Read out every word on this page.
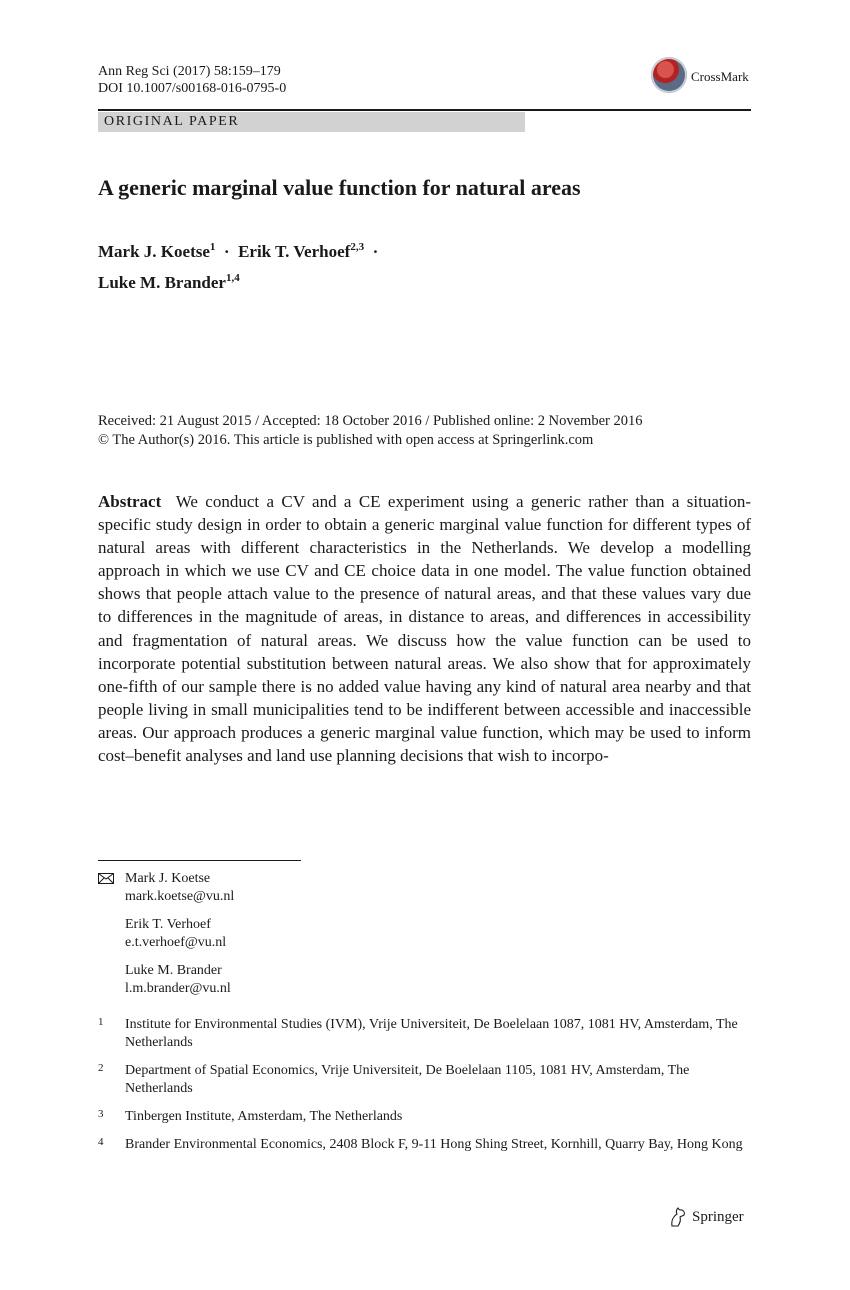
Ann Reg Sci (2017) 58:159–179
DOI 10.1007/s00168-016-0795-0
CrossMark
ORIGINAL PAPER
A generic marginal value function for natural areas
Mark J. Koetse$^1$  ·  Erik T. Verhoef$^{2,3}$  ·
Luke M. Brander$^{1,4}$
Received: 21 August 2015 / Accepted: 18 October 2016 / Published online: 2 November 2016
© The Author(s) 2016. This article is published with open access at Springerlink.com
Abstract We conduct a CV and a CE experiment using a generic rather than a situation-specific study design in order to obtain a generic marginal value function for different types of natural areas with different characteristics in the Netherlands. We develop a modelling approach in which we use CV and CE choice data in one model. The value function obtained shows that people attach value to the presence of natural areas, and that these values vary due to differences in the magnitude of areas, in distance to areas, and differences in accessibility and fragmentation of natural areas. We discuss how the value function can be used to incorporate potential substitution between natural areas. We also show that for approximately one-fifth of our sample there is no added value having any kind of natural area nearby and that people living in small municipalities tend to be indifferent between accessible and inaccessible areas. Our approach produces a generic marginal value function, which may be used to inform cost–benefit analyses and land use planning decisions that wish to incorpo-
Mark J. Koetse
mark.koetse@vu.nl
Erik T. Verhoef
e.t.verhoef@vu.nl
Luke M. Brander
l.m.brander@vu.nl
1 Institute for Environmental Studies (IVM), Vrije Universiteit, De Boelelaan 1087, 1081 HV, Amsterdam, The Netherlands
2 Department of Spatial Economics, Vrije Universiteit, De Boelelaan 1105, 1081 HV, Amsterdam, The Netherlands
3 Tinbergen Institute, Amsterdam, The Netherlands
4 Brander Environmental Economics, 2408 Block F, 9-11 Hong Shing Street, Kornhill, Quarry Bay, Hong Kong
Springer
